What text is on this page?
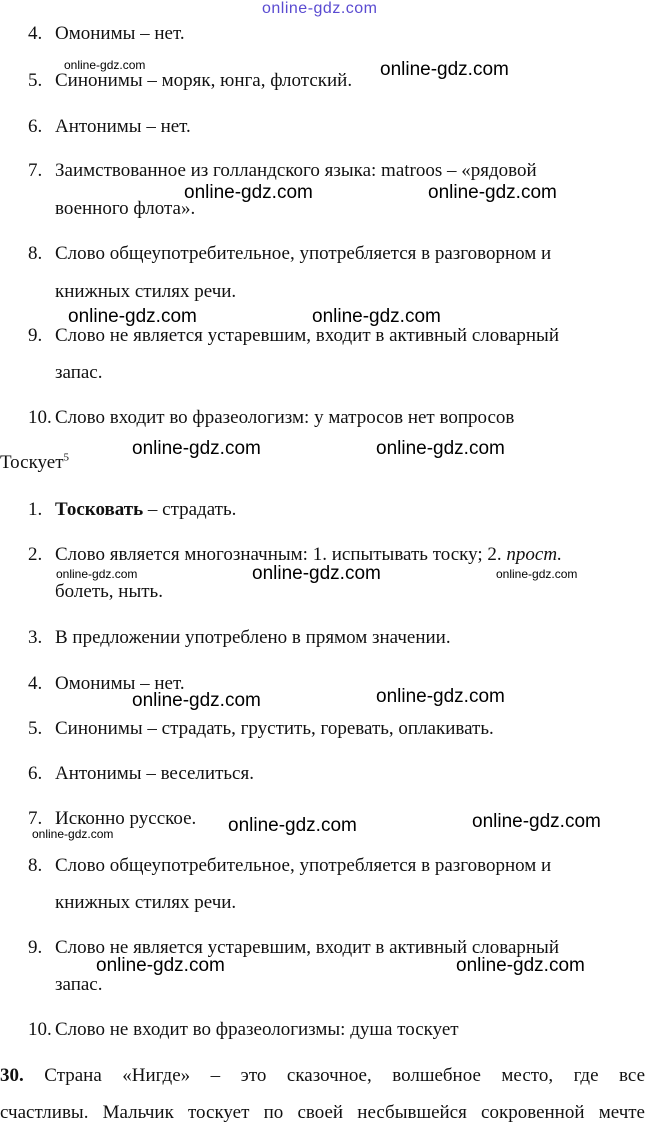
online-gdz.com
4. Омонимы – нет.
5. Синонимы – моряк, юнга, флотский.
6. Антонимы – нет.
7. Заимствованное из голландского языка: matroos – «рядовой
военного флота».
8. Слово общеупотребительное, употребляется в разговорном и
книжных стилях речи.
9. Слово не является устаревшим, входит в активный словарный
запас.
10. Слово входит во фразеологизм: у матросов нет вопросов
Тоскует$^5$
1. Тосковать – страдать.
2. Слово является многозначным: 1. испытывать тоску; 2. прост.
болеть, ныть.
3. В предложении употреблено в прямом значении.
4. Омонимы – нет.
5. Синонимы – страдать, грустить, горевать, оплакивать.
6. Антонимы – веселиться.
7. Исконно русское.
8. Слово общеупотребительное, употребляется в разговорном и
книжных стилях речи.
9. Слово не является устаревшим, входит в активный словарный
запас.
10. Слово не входит во фразеологизмы: душа тоскует
30. Страна «Нигде» – это сказочное, волшебное место, где все
счастливы. Мальчик тоскует по своей несбывшейся сокровенной мечте
online-gdz.com	online-gdz.com
online-gdz.com	online-gdz.com
online-gdz.com	online-gdz.com
online-gdz.com	online-gdz.com
online-gdz.com	online-gdz.com	online-gdz.com
online-gdz.com	online-gdz.com
online-gdz.com	online-gdz.com	online-gdz.com
online-gdz.com	online-gdz.com
